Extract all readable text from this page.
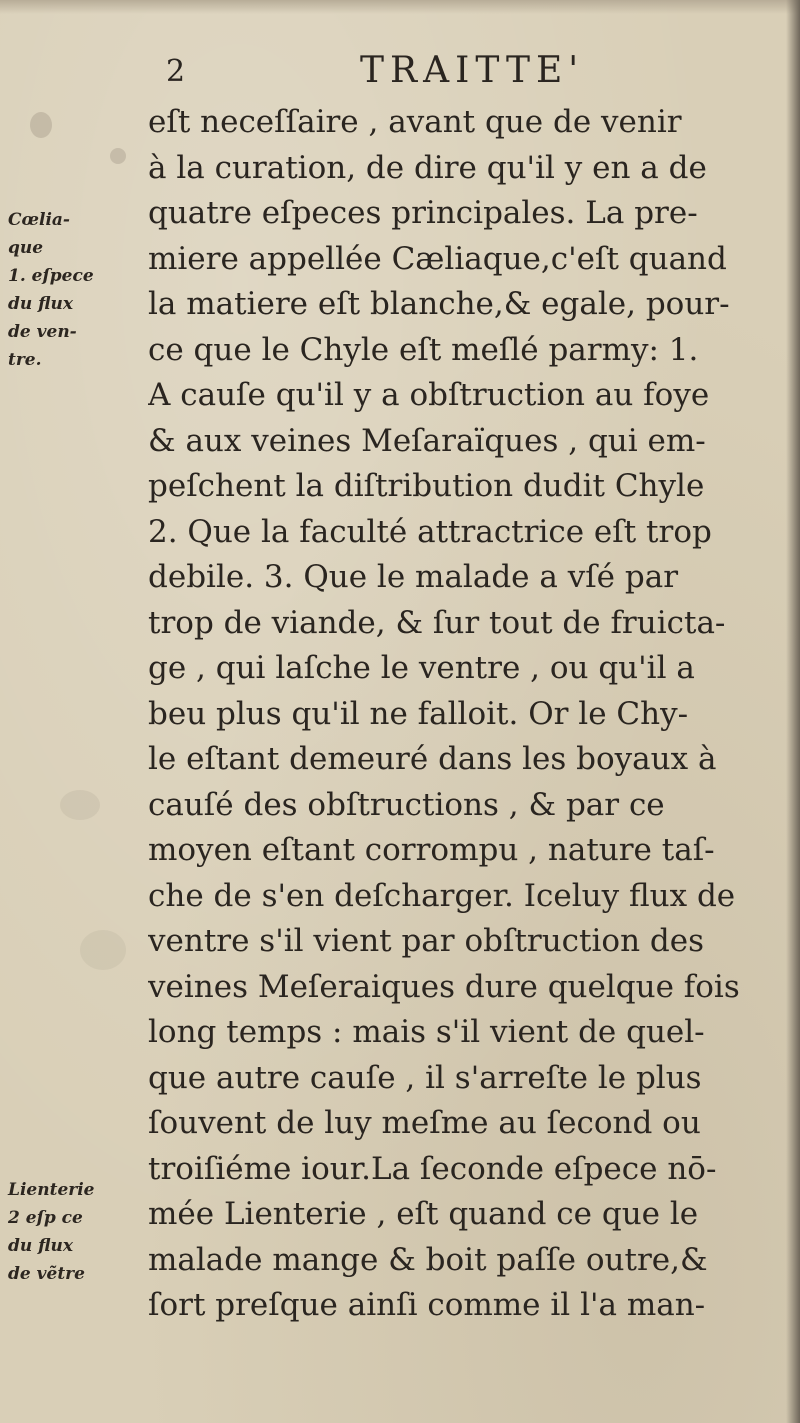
2	TRAITTE'
Cœlia-
que
1. eſpece
du flux
de ven-
tre.
Lienterie
2 eſp ce
du flux
de vẽtre
eſt neceſſaire , avant que de venir
à la curation, de dire qu'il y en a de
quatre eſpeces principales. La pre-
miere appellée Cæliaque,c'eſt quand
la matiere eſt blanche,& egale, pour-
ce que le Chyle eſt meſlé parmy: 1.
A cauſe qu'il y a obſtruction au foye
& aux veines Meſaraïques , qui em-
peſchent la diſtribution dudit Chyle
2. Que la faculté attractrice eſt trop
debile. 3. Que le malade a vſé par
trop de viande, & ſur tout de fruicta-
ge , qui laſche le ventre , ou qu'il a
beu plus qu'il ne falloit. Or le Chy-
le eſtant demeuré dans les boyaux à
cauſé des obſtructions , & par ce
moyen eſtant corrompu , nature taſ-
che de s'en deſcharger. Iceluy flux de
ventre s'il vient par obſtruction des
veines Meſeraiques dure quelque fois
long temps : mais s'il vient de quel-
que autre cauſe , il s'arreſte le plus
ſouvent de luy meſme au ſecond ou
troiſiéme iour.La ſeconde eſpece nō-
mée Lienterie , eſt quand ce que le
malade mange & boit paſſe outre,&
ſort preſque ainſi comme il l'a man-
